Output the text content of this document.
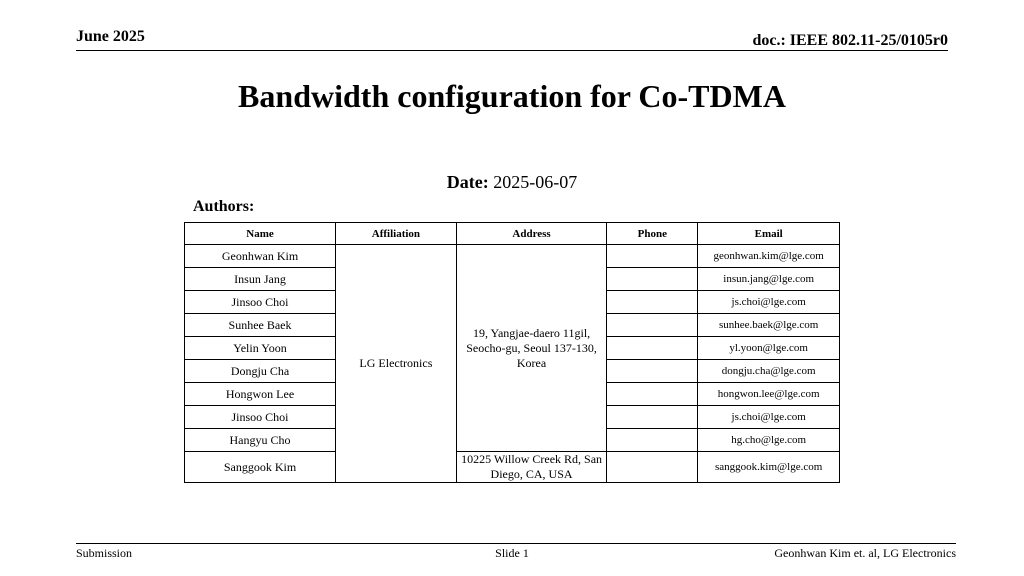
June 2025	doc.: IEEE 802.11-25/0105r0
Bandwidth configuration for Co-TDMA
Date: 2025-06-07
Authors:
Name	Affiliation	Address	Phone	Email
Geonhwan Kim	LG Electronics	19, Yangjae-daero 11gil, Seocho-gu, Seoul 137-130, Korea		geonhwan.kim@lge.com
Insun Jang				insun.jang@lge.com
Jinsoo Choi				js.choi@lge.com
Sunhee Baek				sunhee.baek@lge.com
Yelin Yoon				yl.yoon@lge.com
Dongju Cha				dongju.cha@lge.com
Hongwon Lee				hongwon.lee@lge.com
Jinsoo Choi				js.choi@lge.com
Hangyu Cho				hg.cho@lge.com
Sanggook Kim		10225 Willow Creek Rd, San Diego, CA, USA		sanggook.kim@lge.com
Submission	Slide 1	Geonhwan Kim et. al, LG Electronics
